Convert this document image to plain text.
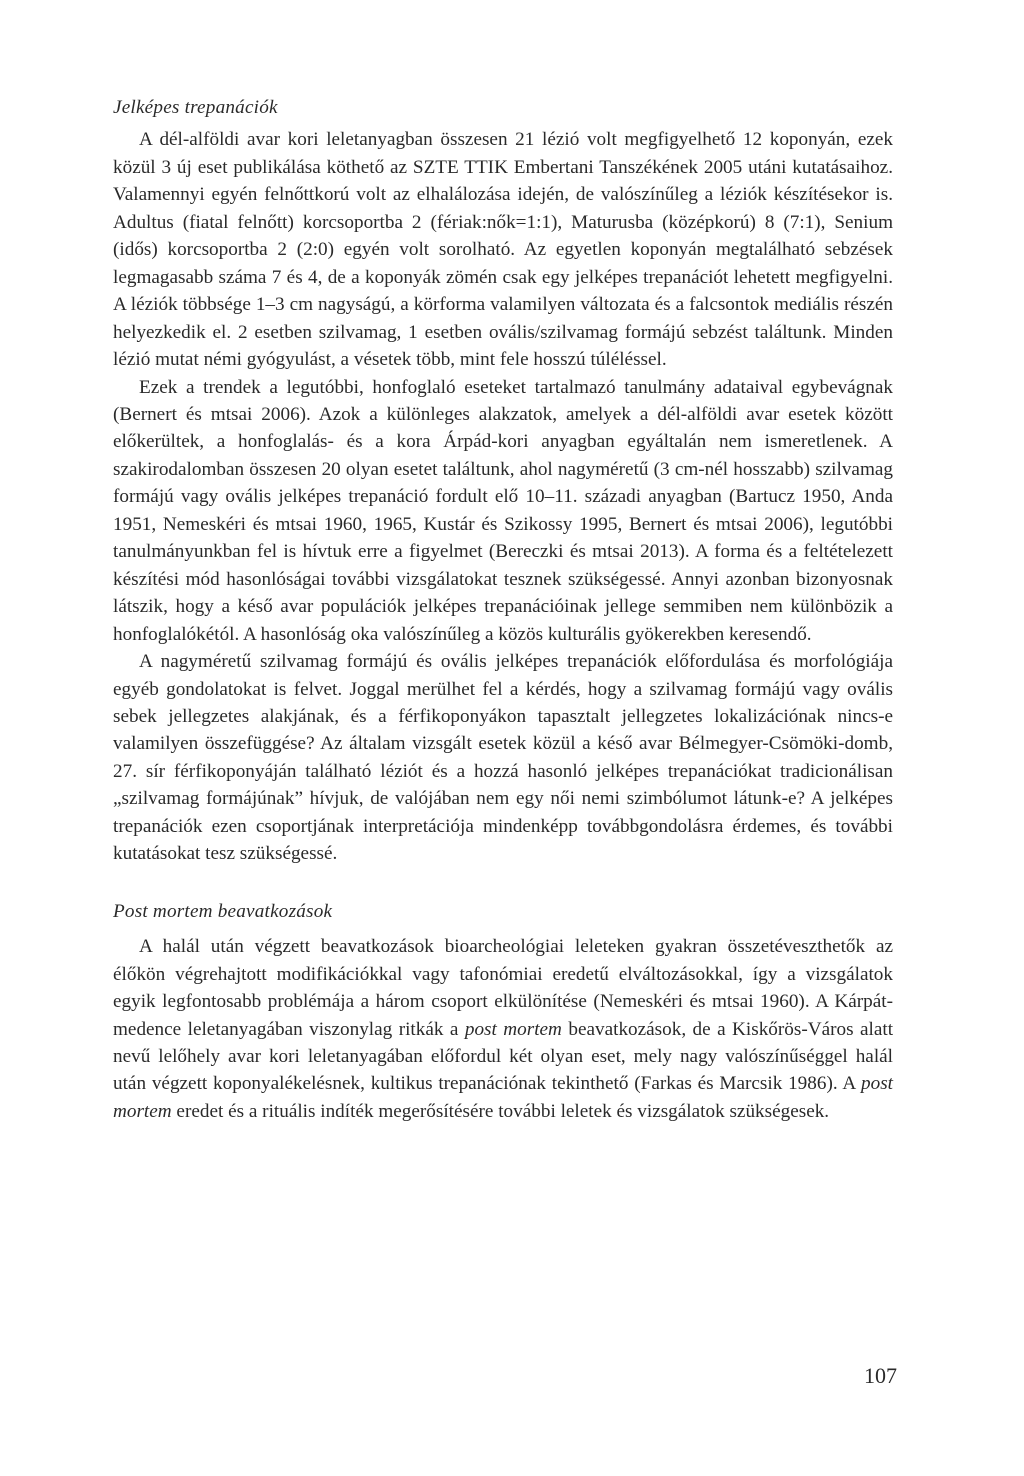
Jelképes trepanációk

A dél-alföldi avar kori leletanyagban összesen 21 lézió volt megfigyelhető 12 koponyán, ezek közül 3 új eset publikálása köthető az SZTE TTIK Embertani Tanszékének 2005 utáni kutatásaihoz. Valamennyi egyén felnőttkorú volt az elhalálozása idején, de valószínűleg a léziók készítésekor is. Adultus (fiatal felnőtt) korcsoportba 2 (fériak:nők=1:1), Maturusba (középkorú) 8 (7:1), Senium (idős) korcsoportba 2 (2:0) egyén volt sorolható. Az egyetlen koponyán megtalálható sebzések legmagasabb száma 7 és 4, de a koponyák zömén csak egy jelképes trepanációt lehetett megfigyelni. A léziók többsége 1–3 cm nagyságú, a körforma valamilyen változata és a falcsontok mediális részén helyezkedik el. 2 esetben szilvamag, 1 esetben ovális/szilvamag formájú sebzést találtunk. Minden lézió mutat némi gyógyulást, a vésetek több, mint fele hosszú túléléssel.

Ezek a trendek a legutóbbi, honfoglaló eseteket tartalmazó tanulmány adataival egybevágnak (Bernert és mtsai 2006). Azok a különleges alakzatok, amelyek a dél-alföldi avar esetek között előkerültek, a honfoglalás- és a kora Árpád-kori anyagban egyáltalán nem ismeretlenek. A szakirodalomban összesen 20 olyan esetet találtunk, ahol nagyméretű (3 cm-nél hosszabb) szilvamag formájú vagy ovális jelképes trepanáció fordult elő 10–11. századi anyagban (Bartucz 1950, Anda 1951, Nemeskéri és mtsai 1960, 1965, Kustár és Szikossy 1995, Bernert és mtsai 2006), legutóbbi tanulmányunkban fel is hívtuk erre a figyelmet (Bereczki és mtsai 2013). A forma és a feltételezett készítési mód hasonlóságai további vizsgálatokat tesznek szükségessé. Annyi azonban bizonyosnak látszik, hogy a késő avar populációk jelképes trepanációinak jellege semmiben nem különbözik a honfoglalókétól. A hasonlóság oka valószínűleg a közös kulturális gyökerekben keresendő.

A nagyméretű szilvamag formájú és ovális jelképes trepanációk előfordulása és morfológiája egyéb gondolatokat is felvet. Joggal merülhet fel a kérdés, hogy a szilvamag formájú vagy ovális sebek jellegzetes alakjának, és a férfikoponyákon tapasztalt jellegzetes lokalizációnak nincs-e valamilyen összefüggése? Az általam vizsgált esetek közül a késő avar Bélmegyer-Csömöki-domb, 27. sír férfikoponyáján található léziót és a hozzá hasonló jelképes trepanációkat tradicionálisan „szilvamag formájúnak” hívjuk, de valójában nem egy női nemi szimbólumot látunk-e? A jelképes trepanációk ezen csoportjának interpretációja mindenképp továbbgondolásra érdemes, és további kutatásokat tesz szükségessé.

Post mortem beavatkozások

A halál után végzett beavatkozások bioarcheológiai leleteken gyakran összetéveszthetők az élőkön végrehajtott modifikációkkal vagy tafonómiai eredetű elváltozásokkal, így a vizsgálatok egyik legfontosabb problémája a három csoport elkülönítése (Nemeskéri és mtsai 1960). A Kárpát-medence leletanyagában viszonylag ritkák a post mortem beavatkozások, de a Kiskőrös-Város alatt nevű lelőhely avar kori leletanyagában előfordul két olyan eset, mely nagy valószínűséggel halál után végzett koponyalékelésnek, kultikus trepanációnak tekinthető (Farkas és Marcsik 1986). A post mortem eredet és a rituális indíték megerősítésére további leletek és vizsgálatok szükségesek.

107
